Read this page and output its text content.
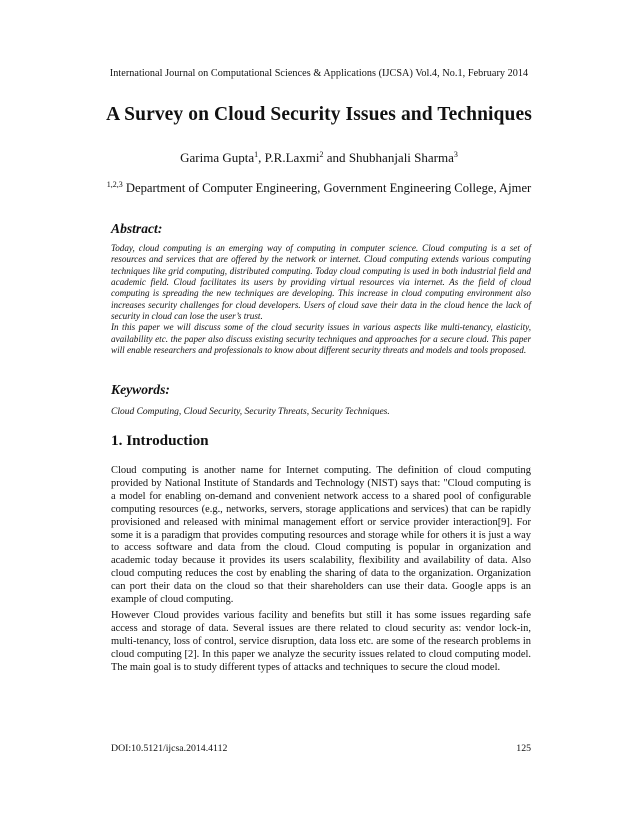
International Journal on Computational Sciences & Applications (IJCSA) Vol.4, No.1, February 2014
A Survey on Cloud Security Issues and Techniques
Garima Gupta$^1$, P.R.Laxmi$^2$ and Shubhanjali Sharma$^3$
$^{1,2,3}$ Department of Computer Engineering, Government Engineering College, Ajmer
Abstract:

Today, cloud computing is an emerging way of computing in computer science. Cloud computing is a set of resources and services that are offered by the network or internet. Cloud computing extends various computing techniques like grid computing, distributed computing. Today cloud computing is used in both industrial field and academic field. Cloud facilitates its users by providing virtual resources via internet. As the field of cloud computing is spreading the new techniques are developing. This increase in cloud computing environment also increases security challenges for cloud developers. Users of cloud save their data in the cloud hence the lack of security in cloud can lose the user’s trust.

In this paper we will discuss some of the cloud security issues in various aspects like multi-tenancy, elasticity, availability etc. the paper also discuss existing security techniques and approaches for a secure cloud. This paper will enable researchers and professionals to know about different security threats and models and tools proposed.

Keywords:
Cloud Computing, Cloud Security, Security Threats, Security Techniques.
1. Introduction

Cloud computing is another name for Internet computing. The definition of cloud computing provided by National Institute of Standards and Technology (NIST) says that: "Cloud computing is a model for enabling on-demand and convenient network access to a shared pool of configurable computing resources (e.g., networks, servers, storage applications and services) that can be rapidly provisioned and released with minimal management effort or service provider interaction[9]. For some it is a paradigm that provides computing resources and storage while for others it is just a way to access software and data from the cloud. Cloud computing is popular in organization and academic today because it provides its users scalability, flexibility and availability of data. Also cloud computing reduces the cost by enabling the sharing of data to the organization. Organization can port their data on the cloud so that their shareholders can use their data. Google apps is an example of cloud computing.

However Cloud provides various facility and benefits but still it has some issues regarding safe access and storage of data. Several issues are there related to cloud security as: vendor lock-in, multi-tenancy, loss of control, service disruption, data loss etc. are some of the research problems in cloud computing [2]. In this paper we analyze the security issues related to cloud computing model. The main goal is to study different types of attacks and techniques to secure the cloud model.

DOI:10.5121/ijcsa.2014.4112	125
